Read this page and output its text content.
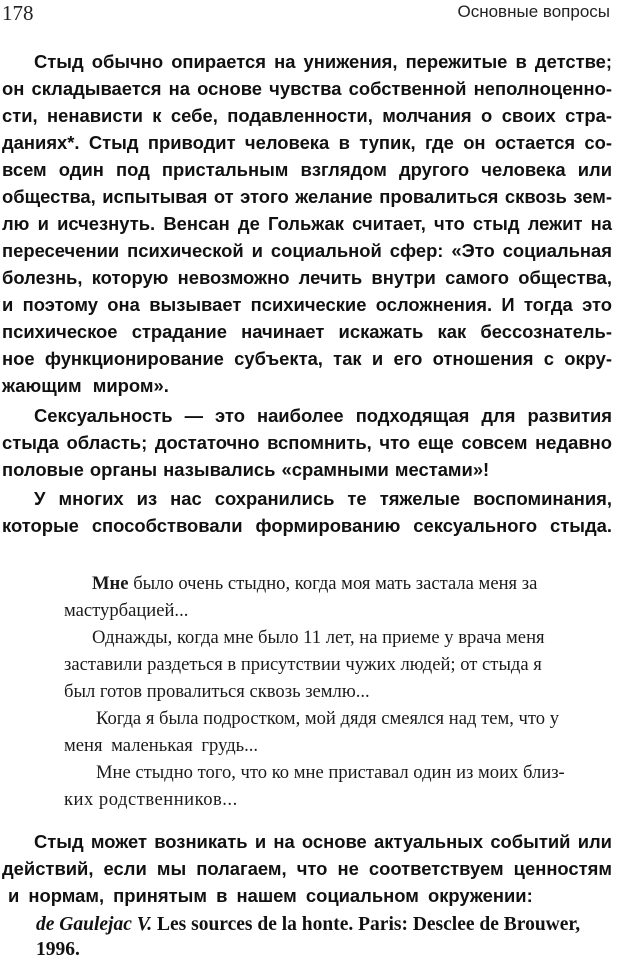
178	Основные вопросы

Стыд обычно опирается на унижения, пережитые в детстве;

он складывается на основе чувства собственной неполноценно-

сти, ненависти к себе, подавленности, молчания о своих стра-

даниях*. Стыд приводит человека в тупик, где он остается со-

всем один под пристальным взглядом другого человека или

общества, испытывая от этого желание провалиться сквозь зем-

лю и исчезнуть. Венсан де Гольжак считает, что стыд лежит на

пересечении психической и социальной сфер: «Это социальная

болезнь, которую невозможно лечить внутри самого общества,

и поэтому она вызывает психические осложнения. И тогда это

психическое страдание начинает искажать как бессознатель-

ное функционирование субъекта, так и его отношения с окру-

жающим миром».

Сексуальность — это наиболее подходящая для развития

стыда область; достаточно вспомнить, что еще совсем недавно

половые органы назывались «срамными местами»!

У многих из нас сохранились те тяжелые воспоминания,

которые способствовали формированию сексуального стыда.

Мне было очень стыдно, когда моя мать застала меня за

мастурбацией...

Однажды, когда мне было 11 лет, на приеме у врача меня

заставили раздеться в присутствии чужих людей; от стыда я

был готов провалиться сквозь землю...

Когда я была подростком, мой дядя смеялся над тем, что у

меня маленькая грудь...

Мне стыдно того, что ко мне приставал один из моих близ-

ких родственников...

Стыд может возникать и на основе актуальных событий или

действий, если мы полагаем, что не соответствуем ценностям

и нормам, принятым в нашем социальном окружении:

de Gaulejac V. Les sources de la honte. Paris: Desclee de Brouwer,

1996.
